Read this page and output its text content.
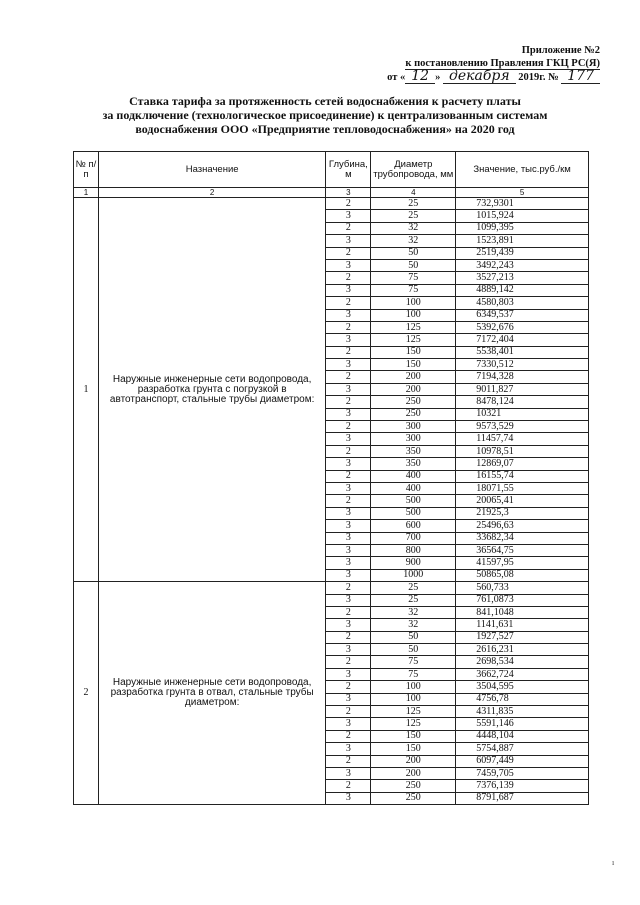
Приложение №2
к постановлению Правления ГКЦ РС(Я)
от « 12 » декабря 2019г. № 177
Ставка тарифа за протяженность сетей водоснабжения к расчету платы
за подключение (технологическое присоединение) к централизованным системам
водоснабжения ООО «Предприятие тепловодоснабжения» на 2020 год
№ п/п	Назначение	Глубина, м	Диаметр трубопровода, мм	Значение, тыс.руб./км
1	2	3	4	5
1	Наружные инженерные сети водопровода, разработка грунта с погрузкой в автотранспорт, стальные трубы диаметром:	2	25	732,9301
		3	25	1015,924
		2	32	1099,395
		3	32	1523,891
		2	50	2519,439
		3	50	3492,243
		2	75	3527,213
		3	75	4889,142
		2	100	4580,803
		3	100	6349,537
		2	125	5392,676
		3	125	7172,404
		2	150	5538,401
		3	150	7330,512
		2	200	7194,328
		3	200	9011,827
		2	250	8478,124
		3	250	10321
		2	300	9573,529
		3	300	11457,74
		2	350	10978,51
		3	350	12869,07
		2	400	16155,74
		3	400	18071,55
		2	500	20065,41
		3	500	21925,3
		3	600	25496,63
		3	700	33682,34
		3	800	36564,75
		3	900	41597,95
		3	1000	50865,08
2	Наружные инженерные сети водопровода, разработка грунта в отвал, стальные трубы диаметром:	2	25	560,733
		3	25	761,0873
		2	32	841,1048
		3	32	1141,631
		2	50	1927,527
		3	50	2616,231
		2	75	2698,534
		3	75	3662,724
		2	100	3504,595
		3	100	4756,78
		2	125	4311,835
		3	125	5591,146
		2	150	4448,104
		3	150	5754,887
		2	200	6097,449
		3	200	7459,705
		2	250	7376,139
		3	250	8791,687
ı
